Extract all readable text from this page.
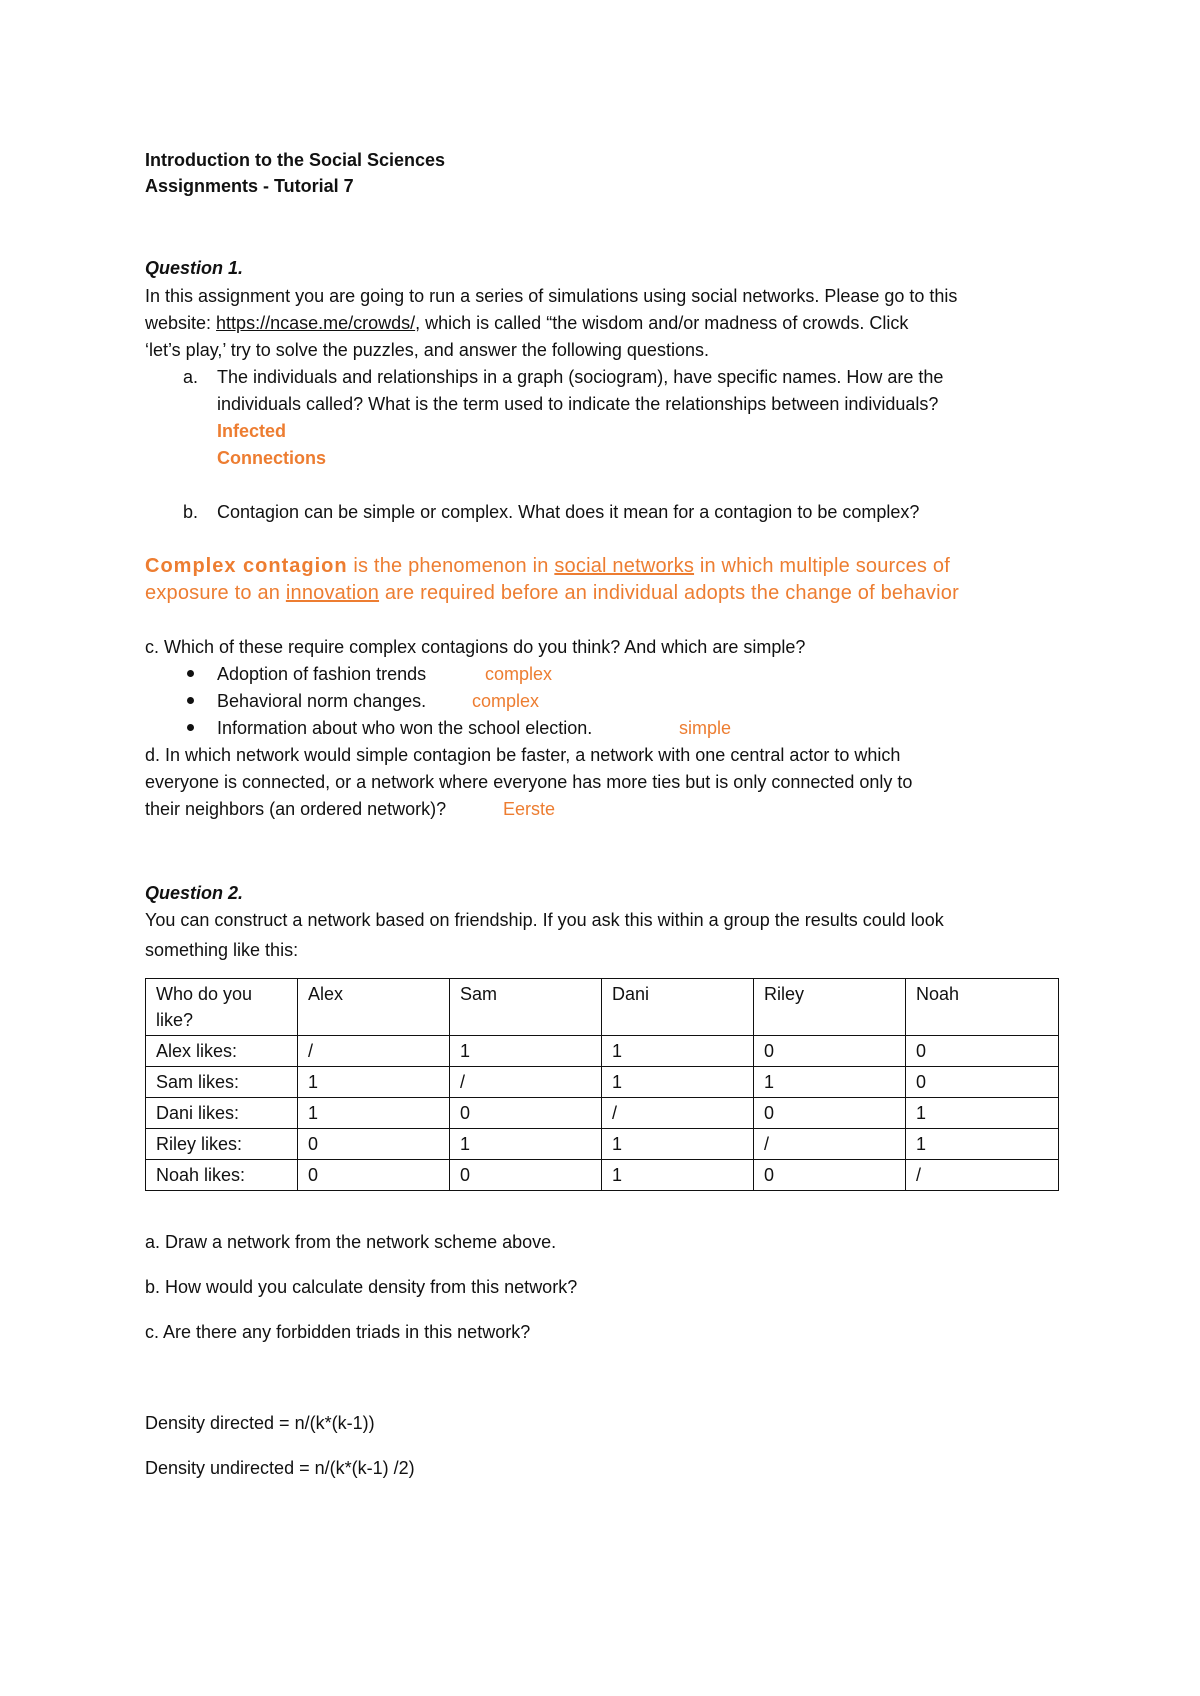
Introduction to the Social Sciences
Assignments - Tutorial 7
Question 1.
In this assignment you are going to run a series of simulations using social networks. Please go to this
website: https://ncase.me/crowds/, which is called “the wisdom and/or madness of crowds. Click
‘let’s play,’ try to solve the puzzles, and answer the following questions.
a. The individuals and relationships in a graph (sociogram), have specific names. How are the
individuals called? What is the term used to indicate the relationships between individuals?
Infected
Connections
b. Contagion can be simple or complex. What does it mean for a contagion to be complex?
Complex contagion is the phenomenon in social networks in which multiple sources of
exposure to an innovation are required before an individual adopts the change of behavior
c. Which of these require complex contagions do you think? And which are simple?
Adoption of fashion trends	complex
Behavioral norm changes.	complex
Information about who won the school election.	simple
d. In which network would simple contagion be faster, a network with one central actor to which
everyone is connected, or a network where everyone has more ties but is only connected only to
their neighbors (an ordered network)?	Eerste
Question 2.
You can construct a network based on friendship. If you ask this within a group the results could look
something like this:
Who do you like?	Alex	Sam	Dani	Riley	Noah
Alex likes:	/	1	1	0	0
Sam likes:	1	/	1	1	0
Dani likes:	1	0	/	0	1
Riley likes:	0	1	1	/	1
Noah likes:	0	0	1	0	/
a. Draw a network from the network scheme above.
b. How would you calculate density from this network?
c. Are there any forbidden triads in this network?
Density directed = n/(k*(k-1))
Density undirected = n/(k*(k-1) /2)
